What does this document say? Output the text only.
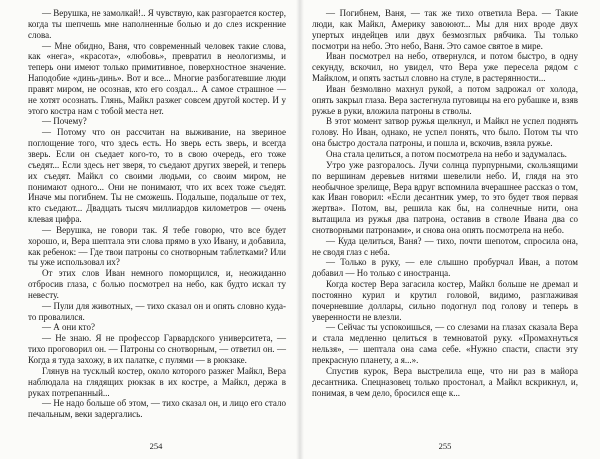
— Верушка, не замолкай!.. Я чувствую, как разгорается костер, когда ты шепчешь мне наполненные болью и до слез искренние слова.

— Мне обидно, Ваня, что современный человек такие слова, как «нега», «краcота», «любовь», превратил в неологизмы, и теперь они имеют только примитивное, поверхностное значение. Наподобие «динь-динь». Вот и все... Многие разбогатевшие люди правят миром, не осознав, кто его создал... А самое страшное — не хотят осознать. Глянь, Майкл разжег совсем другой костер. И у этого костра нам с тобой места нет.

— Почему?

— Потому что он рассчитан на выживание, на звериное поглощение того, что здесь есть. Но зверь есть зверь, и всегда зверь. Если он съедает кого-то, то в свою очередь, его тоже съедят... Если здесь нет зверя, то съедают других зверей, и теперь их съедят. Майкл со своими людьми, со своим миром, не понимают одного... Они не понимают, что их всех тоже съедят. Иначе мы погибнем. Ты не сможешь. Подальше, подальше от тех, кто съедают... Двадцать тысяч миллиардов километров — очень клевая цифра.

— Верушка, не говори так. Я тебе говорю, что все будет хорошо, и, Вера шептала эти слова прямо в ухо Ивану, и добавила, как ребенок: — Где твои патроны со снотворным таблетками? Или ты уже использовал их?

От этих слов Иван немного поморщился, и, неожиданно отбросив глаза, с болью посмотрел на небо, как будто искал ту невесту.

— Пули для животных, — тихо сказал он и опять словно куда-то провалился.

— А они кто?

— Не знаю. Я не профессор Гарвардского университета, — тихо проговорил он. — Патроны со снотворным, — ответил он. — Когда я туда захожу, в их палатке, с пулями — в рюкзаке.

Глянув на тусклый костер, около которого разжег Майкл, Вера наблюдала на глядящих рюкзак в их костре, а Майкл, держа в руках потрепанный...

— Не надо больше об этом, — тихо сказал он, и лицо его стало печальным, веки задергались.

254

— Погибнем, Ваня, — так же тихо ответила Вера. — Такие люди, как Майкл, Америку завоюют... Мы для них вроде двух упертых индейцев или двух безмозглых рябчика. Ты только посмотри на небо. Это небо, Ваня. Это самое святое в мире.

Иван посмотрел на небо, отвернулся, и потом быстро, в одну секунду, вскочил, но увидел, что Вера уже пересела рядом с Майклом, и опять застыл словно на стуле, в растерянности...

Иван безмолвно махнул рукой, а потом задрожал от холода, опять закрыл глаза. Вера застегнула пуговицы на его рубашке и, взяв ружье в руки, вложила патроны в стволы.

В этот момент затвор ружья щелкнул, и Майкл не успел поднять голову. Но Иван, однако, не успел понять, что было. Потом ты что она быстро достала патроны, и пошла и, вскочив, взяла ружье.

Она стала целиться, а потом посмотрела на небо и задумалась.

Утро уже разгоралось. Лучи солнца пурпурными, скользящими по вершинам деревьев нитями шевелили небо. И, глядя на это необычное зрелище, Вера вдруг вспомнила вчерашнее рассказ о том, как Иван говорил: «Если десантник умер, то это будет твоя первая жертва». Потом, вы, решила как бы, на солнечные нити, она вытащила из ружья два патрона, оставив в стволе Ивана два со снотворными патронами», и снова она опять посмотрела на небо.

— Куда целиться, Ваня? — тихо, почти шепотом, спросила она, не сводя глаз с неба.

— Только в руку, — еле слышно пробурчал Иван, а потом добавил — Но только с иностранца.

Когда костер Вера загасила костер, Майкл больше не дремал и постоянно курил и крутил головой, видимо, разглаживая почерневшие доллары, сильно подогнул под голову и теперь в уверенности не влезли.

— Сейчас ты успокоишься, — со слезами на глазах сказала Вера и стала медленно целиться в темноватой руку. «Промахнуться нельзя», — шептала она сама себе. «Нужно спасти, спасти эту прекрасную планету, а я...».

Спустив курок, Вера выстрелила еще, что ни раз в майора десантника. Спецназовец только простонал, а Майкл вскрикнул, и, понимая, в чем дело, бросился еще к...

255
